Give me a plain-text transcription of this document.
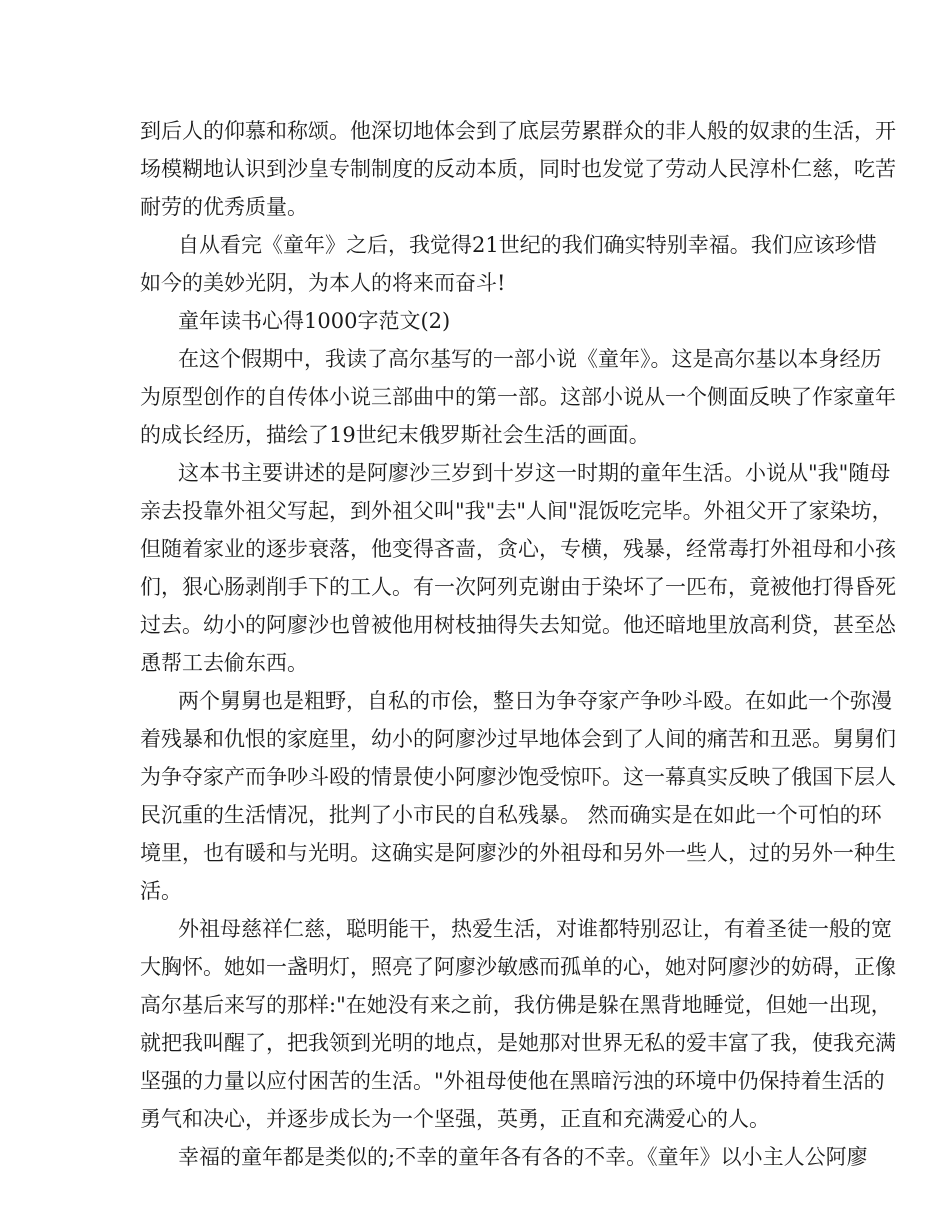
到后人的仰慕和称颂。他深切地体会到了底层劳累群众的非人般的奴隶的生活，开
场模糊地认识到沙皇专制制度的反动本质，同时也发觉了劳动人民淳朴仁慈，吃苦
耐劳的优秀质量。
自从看完《童年》之后，我觉得21世纪的我们确实特别幸福。我们应该珍惜
如今的美妙光阴，为本人的将来而奋斗!
童年读书心得1000字范文(2)
在这个假期中，我读了高尔基写的一部小说《童年》。这是高尔基以本身经历
为原型创作的自传体小说三部曲中的第一部。这部小说从一个侧面反映了作家童年
的成长经历，描绘了19世纪末俄罗斯社会生活的画面。
这本书主要讲述的是阿廖沙三岁到十岁这一时期的童年生活。小说从"我"随母
亲去投靠外祖父写起，到外祖父叫"我"去"人间"混饭吃完毕。外祖父开了家染坊，
但随着家业的逐步衰落，他变得吝啬，贪心，专横，残暴，经常毒打外祖母和小孩
们，狠心肠剥削手下的工人。有一次阿列克谢由于染坏了一匹布，竟被他打得昏死
过去。幼小的阿廖沙也曾被他用树枝抽得失去知觉。他还暗地里放高利贷，甚至怂
恿帮工去偷东西。
两个舅舅也是粗野，自私的市侩，整日为争夺家产争吵斗殴。在如此一个弥漫
着残暴和仇恨的家庭里，幼小的阿廖沙过早地体会到了人间的痛苦和丑恶。舅舅们
为争夺家产而争吵斗殴的情景使小阿廖沙饱受惊吓。这一幕真实反映了俄国下层人
民沉重的生活情况，批判了小市民的自私残暴。 然而确实是在如此一个可怕的环
境里，也有暖和与光明。这确实是阿廖沙的外祖母和另外一些人，过的另外一种生
活。
外祖母慈祥仁慈，聪明能干，热爱生活，对谁都特别忍让，有着圣徒一般的宽
大胸怀。她如一盏明灯，照亮了阿廖沙敏感而孤单的心，她对阿廖沙的妨碍，正像
高尔基后来写的那样:"在她没有来之前，我仿佛是躲在黑背地睡觉，但她一出现，
就把我叫醒了，把我领到光明的地点，是她那对世界无私的爱丰富了我，使我充满
坚强的力量以应付困苦的生活。"外祖母使他在黑暗污浊的环境中仍保持着生活的
勇气和决心，并逐步成长为一个坚强，英勇，正直和充满爱心的人。
幸福的童年都是类似的;不幸的童年各有各的不幸。《童年》以小主人公阿廖
